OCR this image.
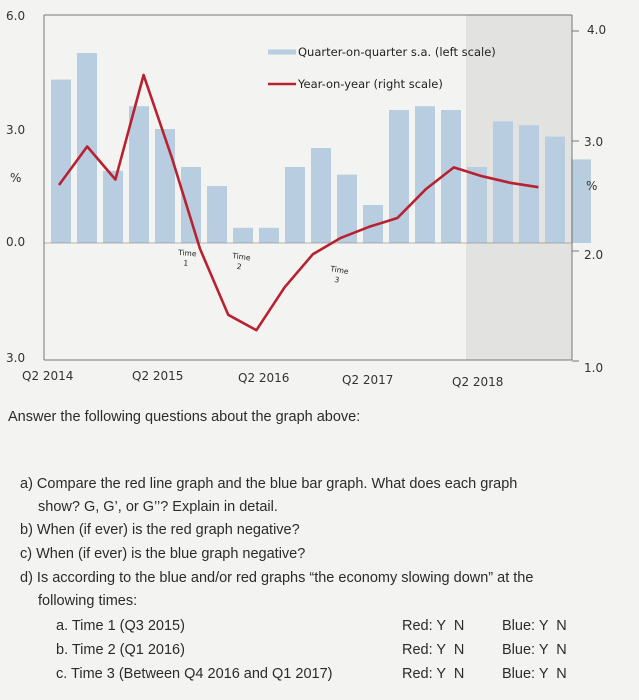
Time
1
Time
2	Time
3
6.0
3.0
%
0.0
3.0
4.0
3.0
%
2.0
1.0
Q2 2014	Q2 2015	Q2 2016	Q2 2017	Q2 2018
Quarter-on-quarter s.a. (left scale)
Year-on-year (right scale)
Answer the following questions about the graph above:
a) Compare the red line graph and the blue bar graph. What does each graph
show? G, G’, or G’’? Explain in detail.
b) When (if ever) is the red graph negative?
c) When (if ever) is the blue graph negative?
d) Is according to the blue and/or red graphs “the economy slowing down” at the
following times:
a. Time 1 (Q3 2015)	Red: Y  N	Blue: Y  N
b. Time 2 (Q1 2016)	Red: Y  N	Blue: Y  N
c. Time 3 (Between Q4 2016 and Q1 2017)	Red: Y  N	Blue: Y  N
